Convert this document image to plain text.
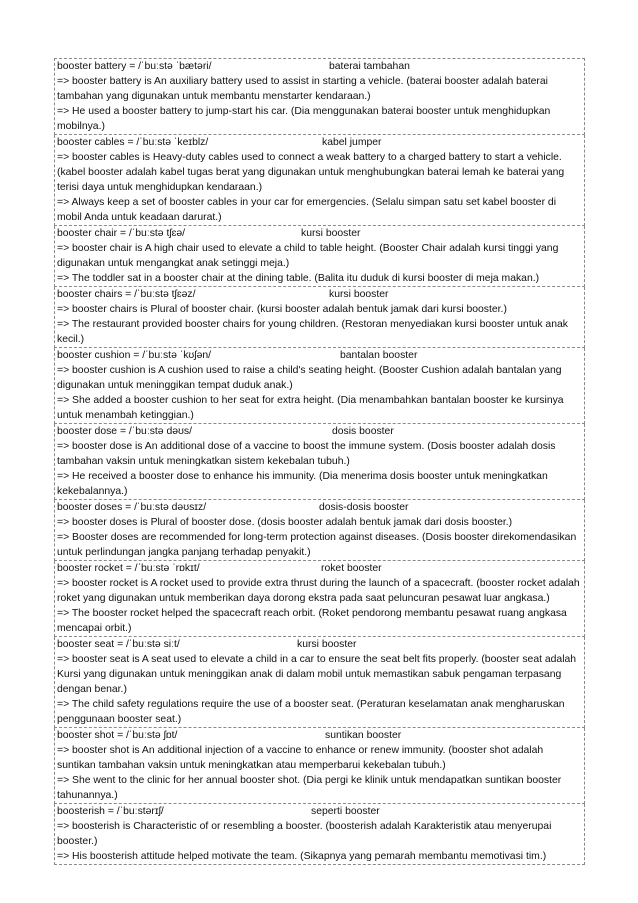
booster battery = /ˈbuːstə ˈbætəri/	baterai tambahan
=> booster battery is An auxiliary battery used to assist in starting a vehicle. (baterai booster adalah baterai tambahan yang digunakan untuk membantu menstarter kendaraan.)
=> He used a booster battery to jump-start his car. (Dia menggunakan baterai booster untuk menghidupkan mobilnya.)
booster cables = /ˈbuːstə ˈkeɪblz/	kabel jumper
=> booster cables is Heavy-duty cables used to connect a weak battery to a charged battery to start a vehicle. (kabel booster adalah kabel tugas berat yang digunakan untuk menghubungkan baterai lemah ke baterai yang terisi daya untuk menghidupkan kendaraan.)
=> Always keep a set of booster cables in your car for emergencies. (Selalu simpan satu set kabel booster di mobil Anda untuk keadaan darurat.)
booster chair = /ˈbuːstə tʃɛə/	kursi booster
=> booster chair is A high chair used to elevate a child to table height. (Booster Chair adalah kursi tinggi yang digunakan untuk mengangkat anak setinggi meja.)
=> The toddler sat in a booster chair at the dining table. (Balita itu duduk di kursi booster di meja makan.)
booster chairs = /ˈbuːstə tʃɛəz/	kursi booster
=> booster chairs is Plural of booster chair. (kursi booster adalah bentuk jamak dari kursi booster.)
=> The restaurant provided booster chairs for young children. (Restoran menyediakan kursi booster untuk anak kecil.)
booster cushion = /ˈbuːstə ˈkʊʃən/	bantalan booster
=> booster cushion is A cushion used to raise a child's seating height. (Booster Cushion adalah bantalan yang digunakan untuk meninggikan tempat duduk anak.)
=> She added a booster cushion to her seat for extra height. (Dia menambahkan bantalan booster ke kursinya untuk menambah ketinggian.)
booster dose = /ˈbuːstə dəʊs/	dosis booster
=> booster dose is An additional dose of a vaccine to boost the immune system. (Dosis booster adalah dosis tambahan vaksin untuk meningkatkan sistem kekebalan tubuh.)
=> He received a booster dose to enhance his immunity. (Dia menerima dosis booster untuk meningkatkan kekebalannya.)
booster doses = /ˈbuːstə dəʊsɪz/	dosis-dosis booster
=> booster doses is Plural of booster dose. (dosis booster adalah bentuk jamak dari dosis booster.)
=> Booster doses are recommended for long-term protection against diseases. (Dosis booster direkomendasikan untuk perlindungan jangka panjang terhadap penyakit.)
booster rocket = /ˈbuːstə ˈrɒkɪt/	roket booster
=> booster rocket is A rocket used to provide extra thrust during the launch of a spacecraft. (booster rocket adalah roket yang digunakan untuk memberikan daya dorong ekstra pada saat peluncuran pesawat luar angkasa.)
=> The booster rocket helped the spacecraft reach orbit. (Roket pendorong membantu pesawat ruang angkasa mencapai orbit.)
booster seat = /ˈbuːstə siːt/	kursi booster
=> booster seat is A seat used to elevate a child in a car to ensure the seat belt fits properly. (booster seat adalah Kursi yang digunakan untuk meninggikan anak di dalam mobil untuk memastikan sabuk pengaman terpasang dengan benar.)
=> The child safety regulations require the use of a booster seat. (Peraturan keselamatan anak mengharuskan penggunaan booster seat.)
booster shot = /ˈbuːstə ʃɒt/	suntikan booster
=> booster shot is An additional injection of a vaccine to enhance or renew immunity. (booster shot adalah suntikan tambahan vaksin untuk meningkatkan atau memperbarui kekebalan tubuh.)
=> She went to the clinic for her annual booster shot. (Dia pergi ke klinik untuk mendapatkan suntikan booster tahunannya.)
boosterish = /ˈbuːstərɪʃ/	seperti booster
=> boosterish is Characteristic of or resembling a booster. (boosterish adalah Karakteristik atau menyerupai booster.)
=> His boosterish attitude helped motivate the team. (Sikapnya yang pemarah membantu memotivasi tim.)
